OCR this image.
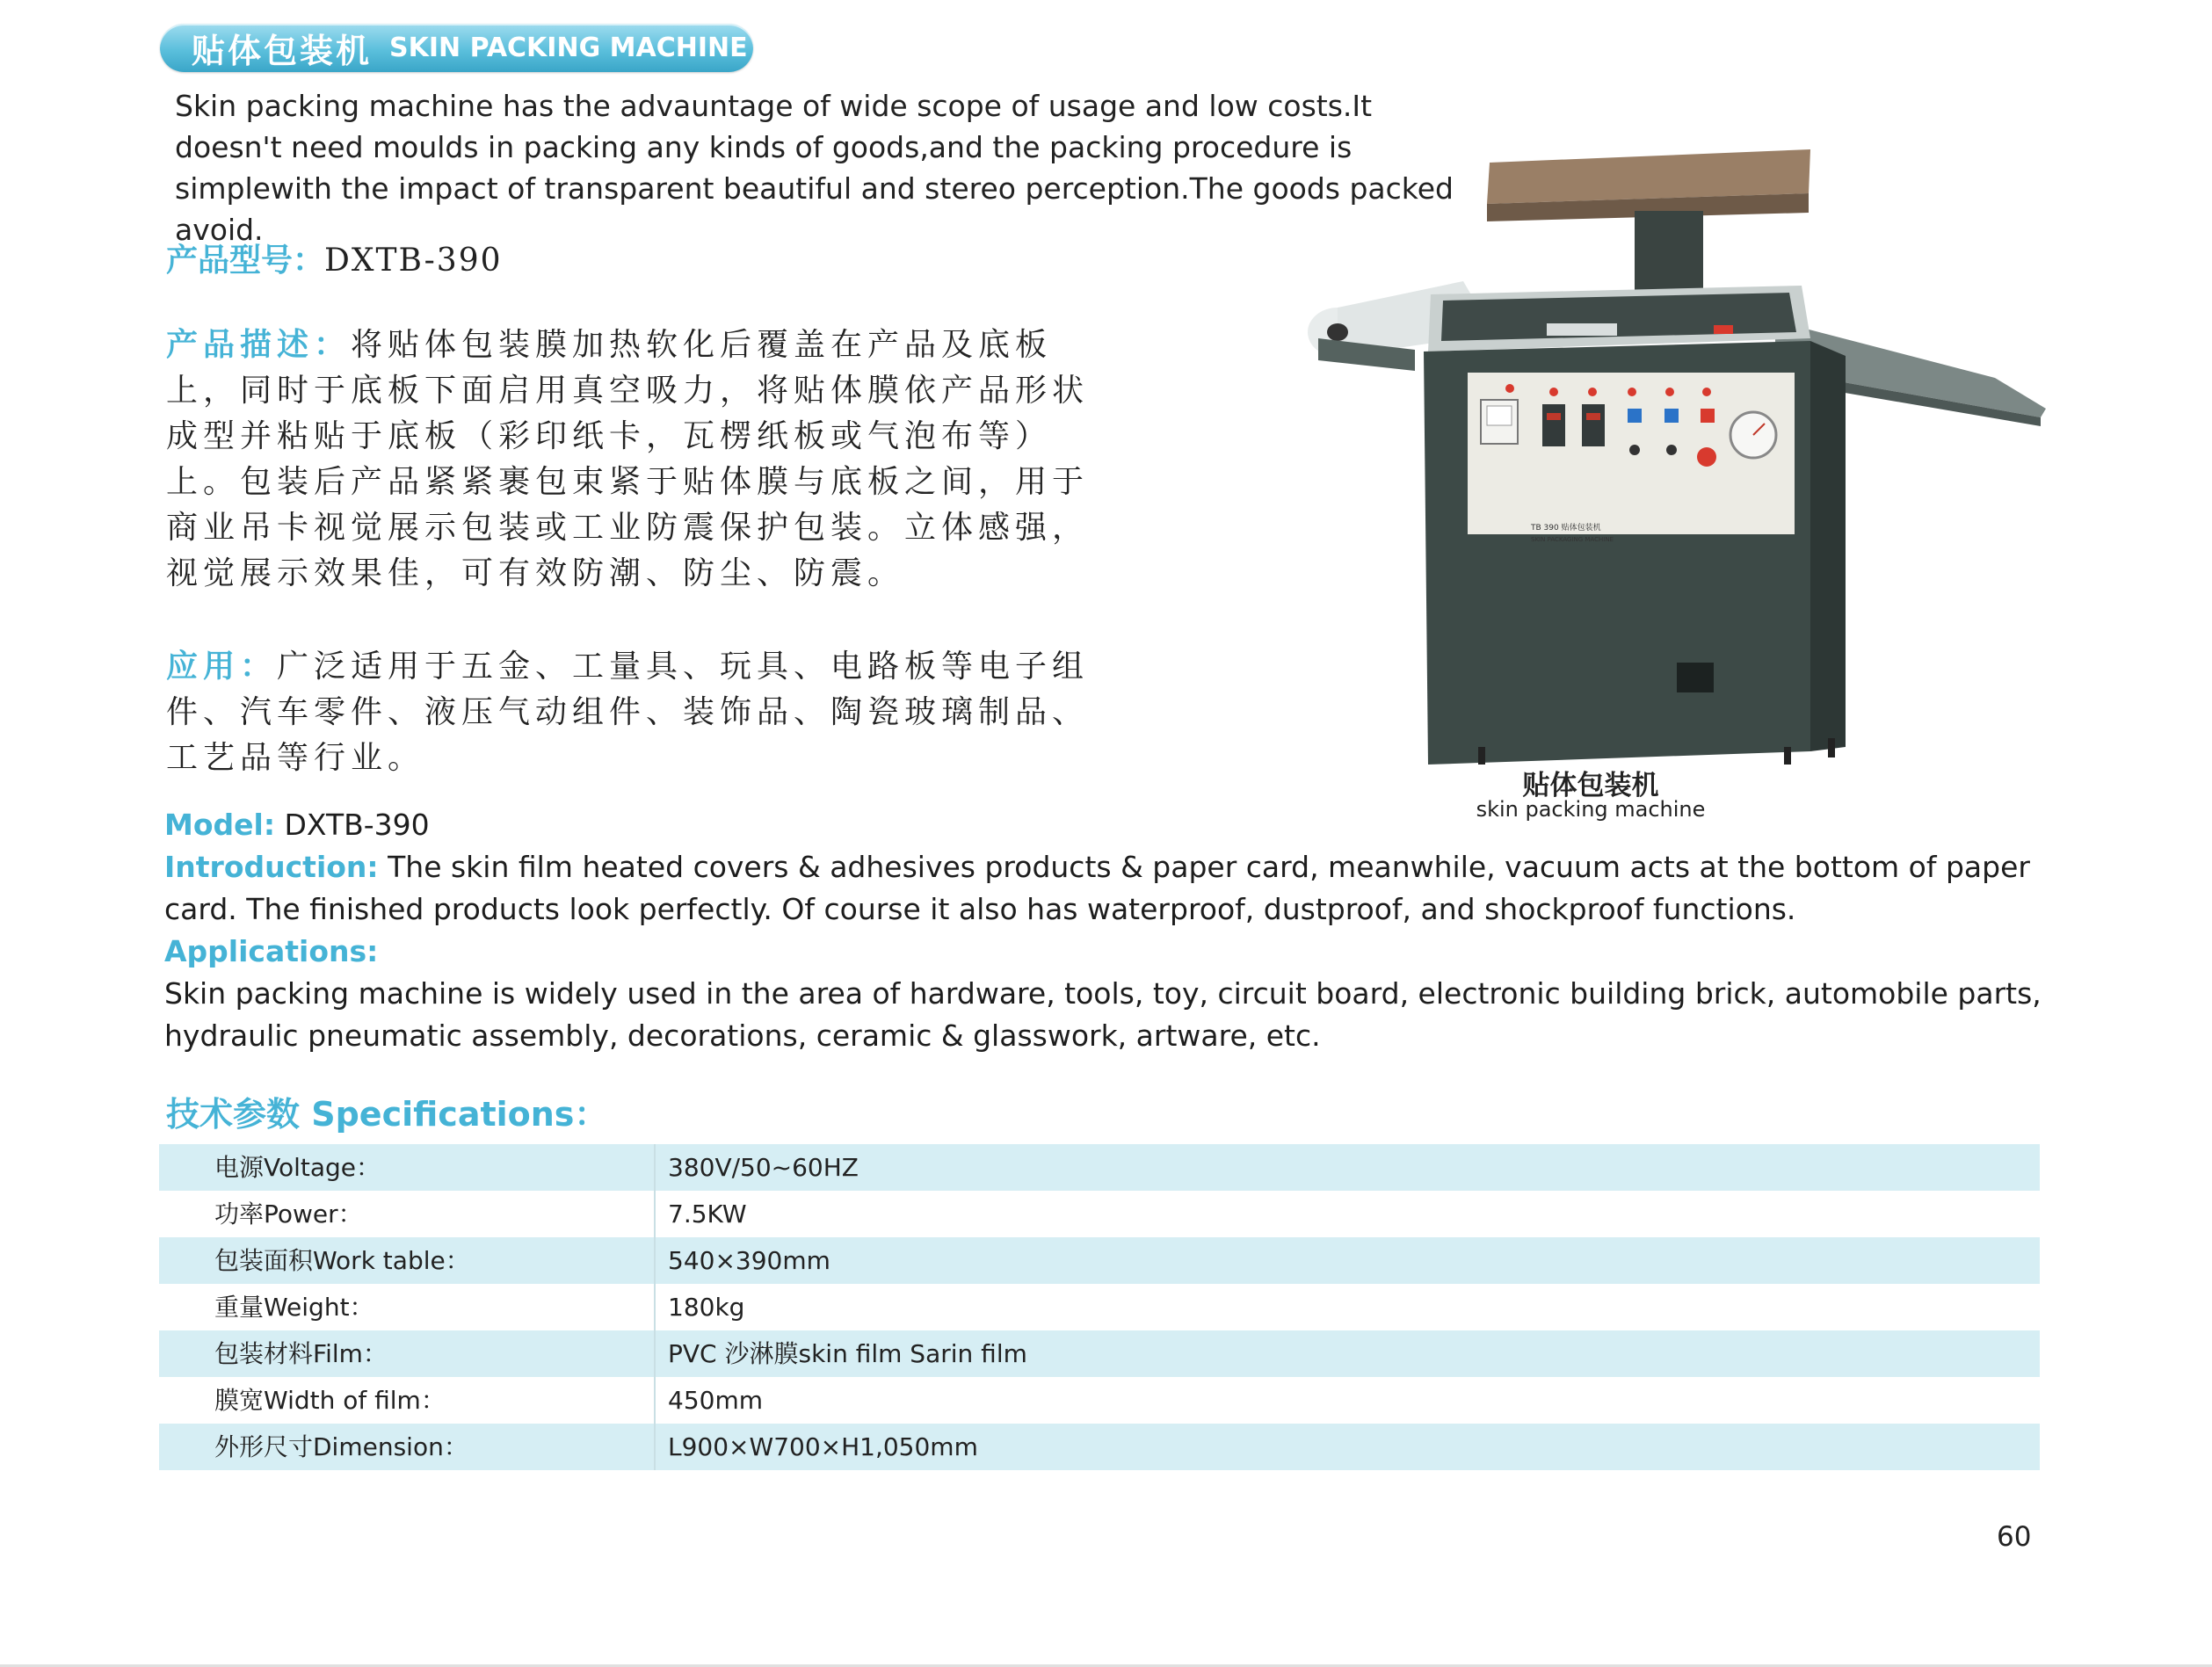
贴体包装机 SKIN PACKING MACHINE
Skin packing machine has the advauntage of wide scope of usage and low costs.It doesn't need moulds in packing any kinds of goods,and the packing procedure is simplewith the impact of transparent beautiful and stereo perception.The goods packed avoid.
产品型号：DXTB-390
产品描述：将贴体包装膜加热软化后覆盖在产品及底板上，同时于底板下面启用真空吸力，将贴体膜依产品形状成型并粘贴于底板（彩印纸卡，瓦楞纸板或气泡布等）上。包装后产品紧紧裹包束紧于贴体膜与底板之间，用于商业吊卡视觉展示包装或工业防震保护包装。立体感强，视觉展示效果佳，可有效防潮、防尘、防震。
应用：广泛适用于五金、工量具、玩具、电路板等电子组件、汽车零件、液压气动组件、装饰品、陶瓷玻璃制品、工艺品等行业。
TB 390 贴体包装机
SKIN PACKAGING MACHINE
贴体包装机
skin packing machine
Model: DXTB-390
Introduction: The skin film heated covers & adhesives products & paper card, meanwhile, vacuum acts at the bottom of paper card. The finished products look perfectly. Of course it also has waterproof, dustproof, and shockproof functions.
Applications:
Skin packing machine is widely used in the area of hardware, tools, toy, circuit board, electronic building brick, automobile parts, hydraulic pneumatic assembly, decorations, ceramic & glasswork, artware, etc.
技术参数 Specifications：
电源Voltage：	380V/50~60HZ
功率Power：	7.5KW
包装面积Work table：	540×390mm
重量Weight：	180kg
包装材料Film：	PVC 沙淋膜skin film Sarin film
膜宽Width of film：	450mm
外形尺寸Dimension：	L900×W700×H1,050mm
60
